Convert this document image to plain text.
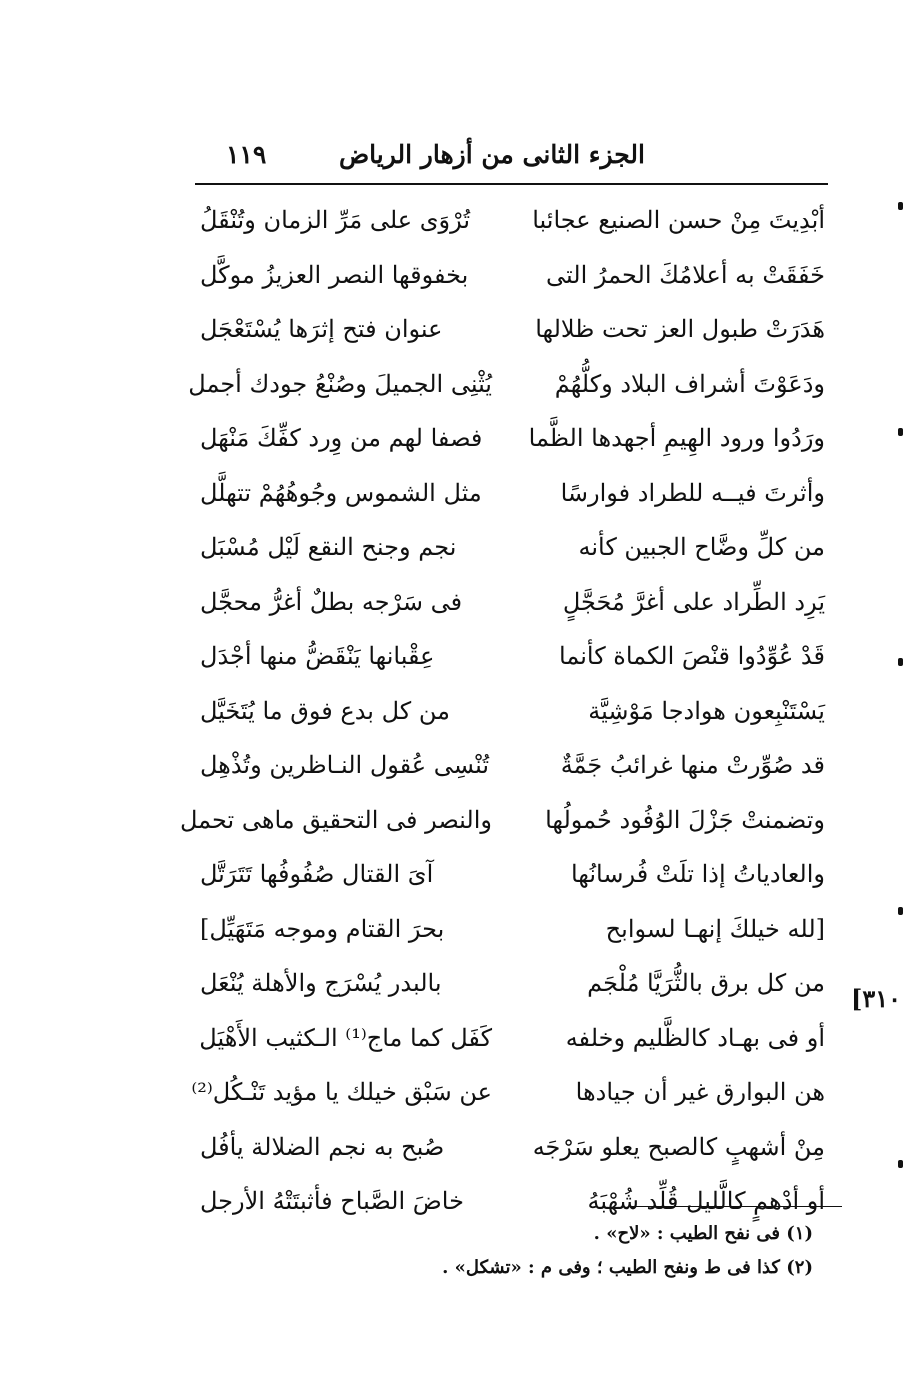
الجزء الثانى من أزهار الرياض
١١٩
أبْدِيتَ مِنْ حسن الصنيع عجائبا
تُرْوَى على مَرِّ الزمان وتُنْقَلُ
خَفَقَتْ به أعلامُكَ الحمرُ التى
بخفوقها النصر العزيزُ موكَّل
هَدَرَتْ طبول العز تحت ظلالها
عنوان فتح إثرَها يُسْتَعْجَل
ودَعَوْتَ أشراف البلاد وكلُّهُمْ
يُثْنِى الجميلَ وصُنْعُ جودك أجمل
ورَدُوا ورود الهِيمِ أجهدها الظَّما
فصفا لهم من وِرد كفِّكَ مَنْهَل
وأثرتَ فيــه للطراد فوارسًا
مثل الشموس وجُوهُهُمْ تتهلَّل
من كلِّ وضَّاح الجبين كأنه
نجم وجنح النقع لَيْل مُسْبَل
يَرِد الطِّراد على أغرَّ مُحَجَّلٍ
فى سَرْجه بطلٌ أغرُّ محجَّل
قَدْ عُوِّدُوا قنْصَ الكماة كأنما
عِقْبانها يَنْقَضُّ منها أجْدَل
يَسْتَنْبِعون هوادجا مَوْشِيَّة
من كل بدع فوق ما يُتَخَيَّل
قد صُوِّرتْ منها غرائبُ جَمَّةٌ
تُنْسِى عُقول النـاظرين وتُذْهِل
وتضمنتْ جَزْلَ الوُفُود حُمولُها
والنصر فى التحقيق ماهى تحمل
والعادياتُ إذا تلَتْ فُرسانُها
آىَ القتال صُفُوفُها تَتَرَتَّل
[لله خيلكَ إنهـا لسوابح
بحرَ القتام وموجه مَتَهَيِّل]
من كل برق بالثُّرَيَّا مُلْجَم
بالبدر يُسْرَج والأهلة يُنْعَل
أو فى بهـاد كالظَّليم وخلفه
كَفَل كما ماج⁽¹⁾ الـكثيب الأَهْيَل
هن البوارق غير أن جيادها
عن سَبْق خيلك يا مؤيد تَنْـكُل⁽²⁾
مِنْ أشهبٍ كالصبح يعلو سَرْجَه
صُبح به نجم الضلالة يأفُل
أو أدْهمٍ كالَّليل قُلِّد شُهْبَهُ
خاضَ الصَّباح فأثبتَتْهُ الأرجل
[٣١٠
(١) فى نفح الطيب : «لاح» .
(٢) كذا فى ط ونفح الطيب ؛ وفى م : «تشكل» .
